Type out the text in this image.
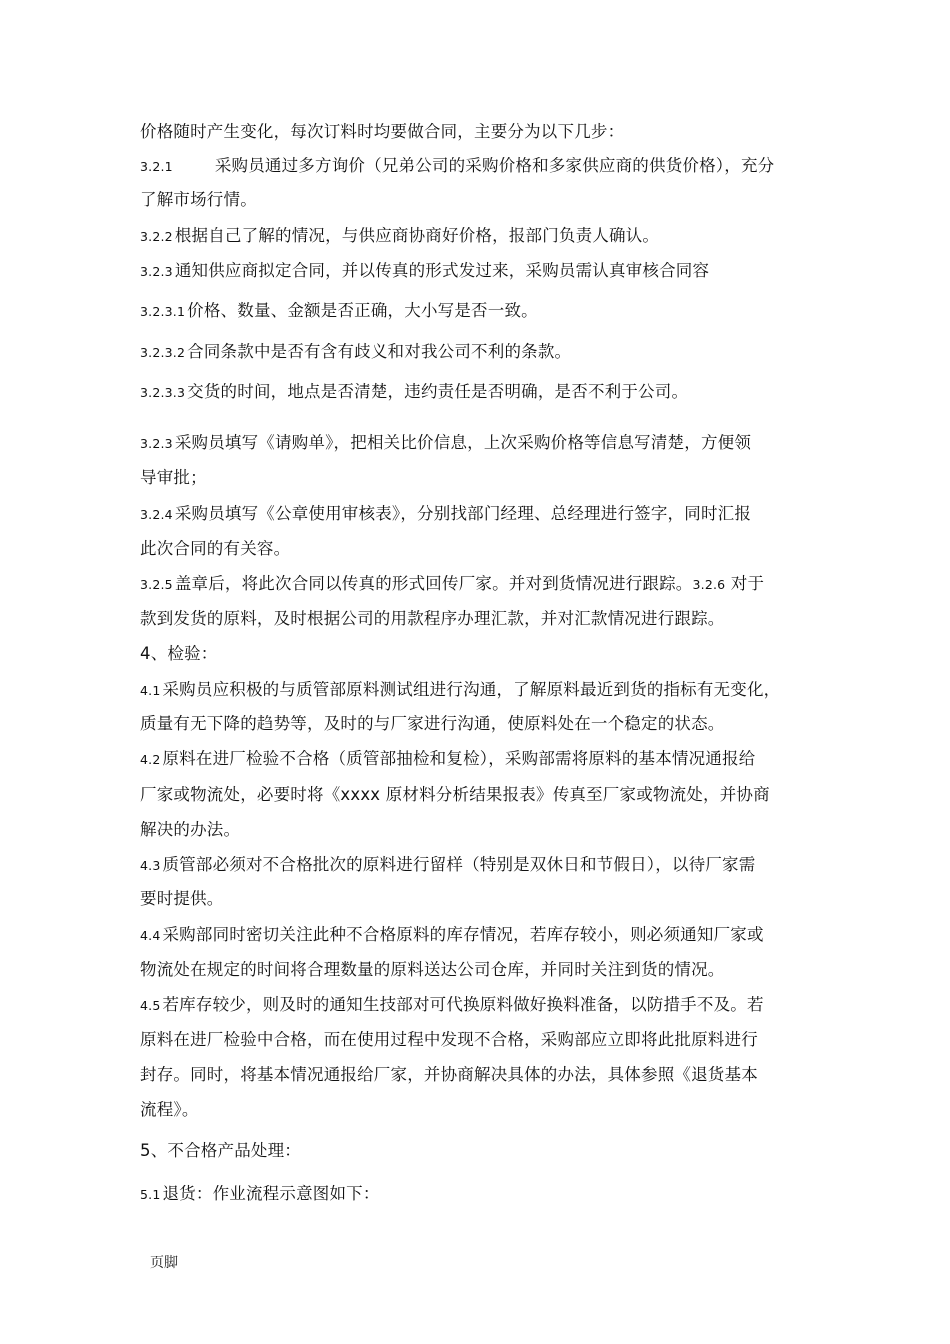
价格随时产生变化，每次订料时均要做合同，主要分为以下几步：
3.2.1	采购员通过多方询价（兄弟公司的采购价格和多家供应商的供货价格），充分
了解市场行情。
3.2.2 根据自己了解的情况，与供应商协商好价格，报部门负责人确认。
3.2.3 通知供应商拟定合同，并以传真的形式发过来，采购员需认真审核合同容
3.2.3.1 价格、数量、金额是否正确，大小写是否一致。
3.2.3.2 合同条款中是否有含有歧义和对我公司不利的条款。
3.2.3.3 交货的时间，地点是否清楚，违约责任是否明确，是否不利于公司。
3.2.3 采购员填写《请购单》，把相关比价信息，上次采购价格等信息写清楚，方便领
导审批；
3.2.4 采购员填写《公章使用审核表》，分别找部门经理、总经理进行签字，同时汇报
此次合同的有关容。
3.2.5 盖章后，将此次合同以传真的形式回传厂家。并对到货情况进行跟踪。3.2.6 对于
款到发货的原料，及时根据公司的用款程序办理汇款，并对汇款情况进行跟踪。
4、检验：
4.1 采购员应积极的与质管部原料测试组进行沟通，了解原料最近到货的指标有无变化，
质量有无下降的趋势等，及时的与厂家进行沟通，使原料处在一个稳定的状态。
4.2 原料在进厂检验不合格（质管部抽检和复检），采购部需将原料的基本情况通报给
厂家或物流处，必要时将《xxxx 原材料分析结果报表》传真至厂家或物流处，并协商
解决的办法。
4.3 质管部必须对不合格批次的原料进行留样（特别是双休日和节假日），以待厂家需
要时提供。
4.4 采购部同时密切关注此种不合格原料的库存情况，若库存较小，则必须通知厂家或
物流处在规定的时间将合理数量的原料送达公司仓库，并同时关注到货的情况。
4.5 若库存较少，则及时的通知生技部对可代换原料做好换料准备，以防措手不及。若
原料在进厂检验中合格，而在使用过程中发现不合格，采购部应立即将此批原料进行
封存。同时，将基本情况通报给厂家，并协商解决具体的办法，具体参照《退货基本
流程》。
5、不合格产品处理：
5.1 退货：作业流程示意图如下：
页脚
